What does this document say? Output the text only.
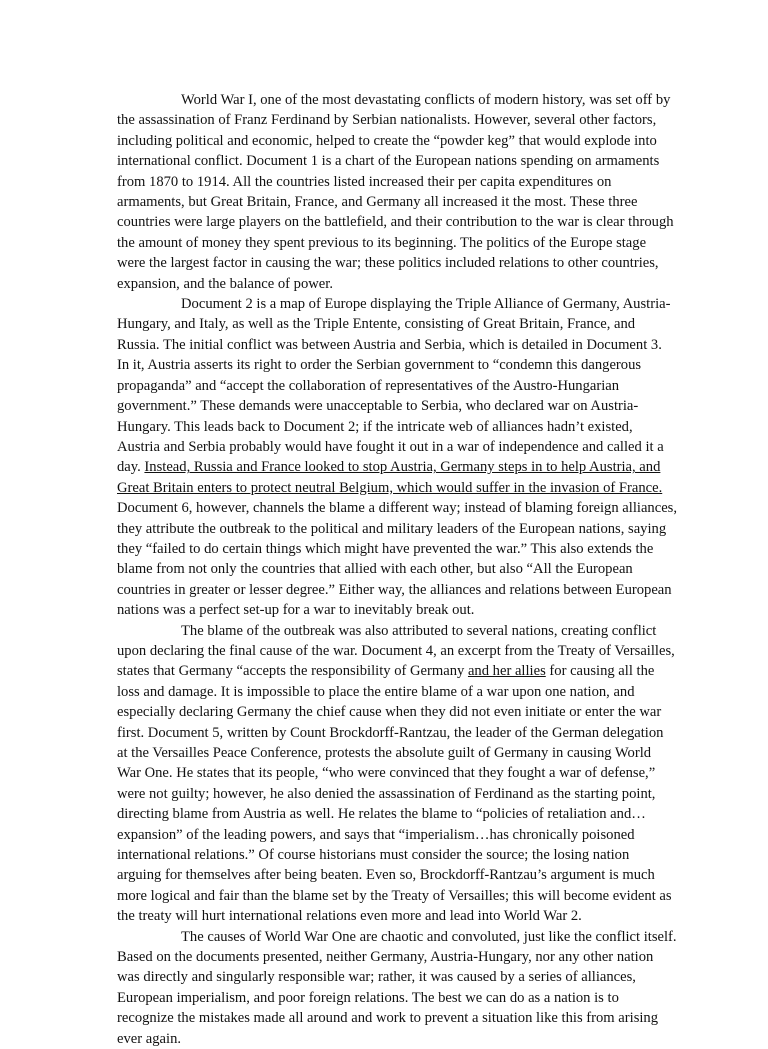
World War I, one of the most devastating conflicts of modern history, was set off by the assassination of Franz Ferdinand by Serbian nationalists. However, several other factors, including political and economic, helped to create the “powder keg” that would explode into international conflict. Document 1 is a chart of the European nations spending on armaments from 1870 to 1914. All the countries listed increased their per capita expenditures on armaments, but Great Britain, France, and Germany all increased it the most. These three countries were large players on the battlefield, and their contribution to the war is clear through the amount of money they spent previous to its beginning. The politics of the Europe stage were the largest factor in causing the war; these politics included relations to other countries, expansion, and the balance of power.

Document 2 is a map of Europe displaying the Triple Alliance of Germany, Austria-Hungary, and Italy, as well as the Triple Entente, consisting of Great Britain, France, and Russia. The initial conflict was between Austria and Serbia, which is detailed in Document 3. In it, Austria asserts its right to order the Serbian government to “condemn this dangerous propaganda” and “accept the collaboration of representatives of the Austro-Hungarian government.” These demands were unacceptable to Serbia, who declared war on Austria-Hungary. This leads back to Document 2; if the intricate web of alliances hadn’t existed, Austria and Serbia probably would have fought it out in a war of independence and called it a day. Instead, Russia and France looked to stop Austria, Germany steps in to help Austria, and Great Britain enters to protect neutral Belgium, which would suffer in the invasion of France. Document 6, however, channels the blame a different way; instead of blaming foreign alliances, they attribute the outbreak to the political and military leaders of the European nations, saying they “failed to do certain things which might have prevented the war.” This also extends the blame from not only the countries that allied with each other, but also “All the European countries in greater or lesser degree.” Either way, the alliances and relations between European nations was a perfect set-up for a war to inevitably break out.

The blame of the outbreak was also attributed to several nations, creating conflict upon declaring the final cause of the war. Document 4, an excerpt from the Treaty of Versailles, states that Germany “accepts the responsibility of Germany and her allies for causing all the loss and damage. It is impossible to place the entire blame of a war upon one nation, and especially declaring Germany the chief cause when they did not even initiate or enter the war first. Document 5, written by Count Brockdorff-Rantzau, the leader of the German delegation at the Versailles Peace Conference, protests the absolute guilt of Germany in causing World War One. He states that its people, “who were convinced that they fought a war of defense,” were not guilty; however, he also denied the assassination of Ferdinand as the starting point, directing blame from Austria as well. He relates the blame to “policies of retaliation and…expansion” of the leading powers, and says that “imperialism…has chronically poisoned international relations.” Of course historians must consider the source; the losing nation arguing for themselves after being beaten. Even so, Brockdorff-Rantzau’s argument is much more logical and fair than the blame set by the Treaty of Versailles; this will become evident as the treaty will hurt international relations even more and lead into World War 2.

The causes of World War One are chaotic and convoluted, just like the conflict itself. Based on the documents presented, neither Germany, Austria-Hungary, nor any other nation was directly and singularly responsible war; rather, it was caused by a series of alliances, European imperialism, and poor foreign relations. The best we can do as a nation is to recognize the mistakes made all around and work to prevent a situation like this from arising ever again.
